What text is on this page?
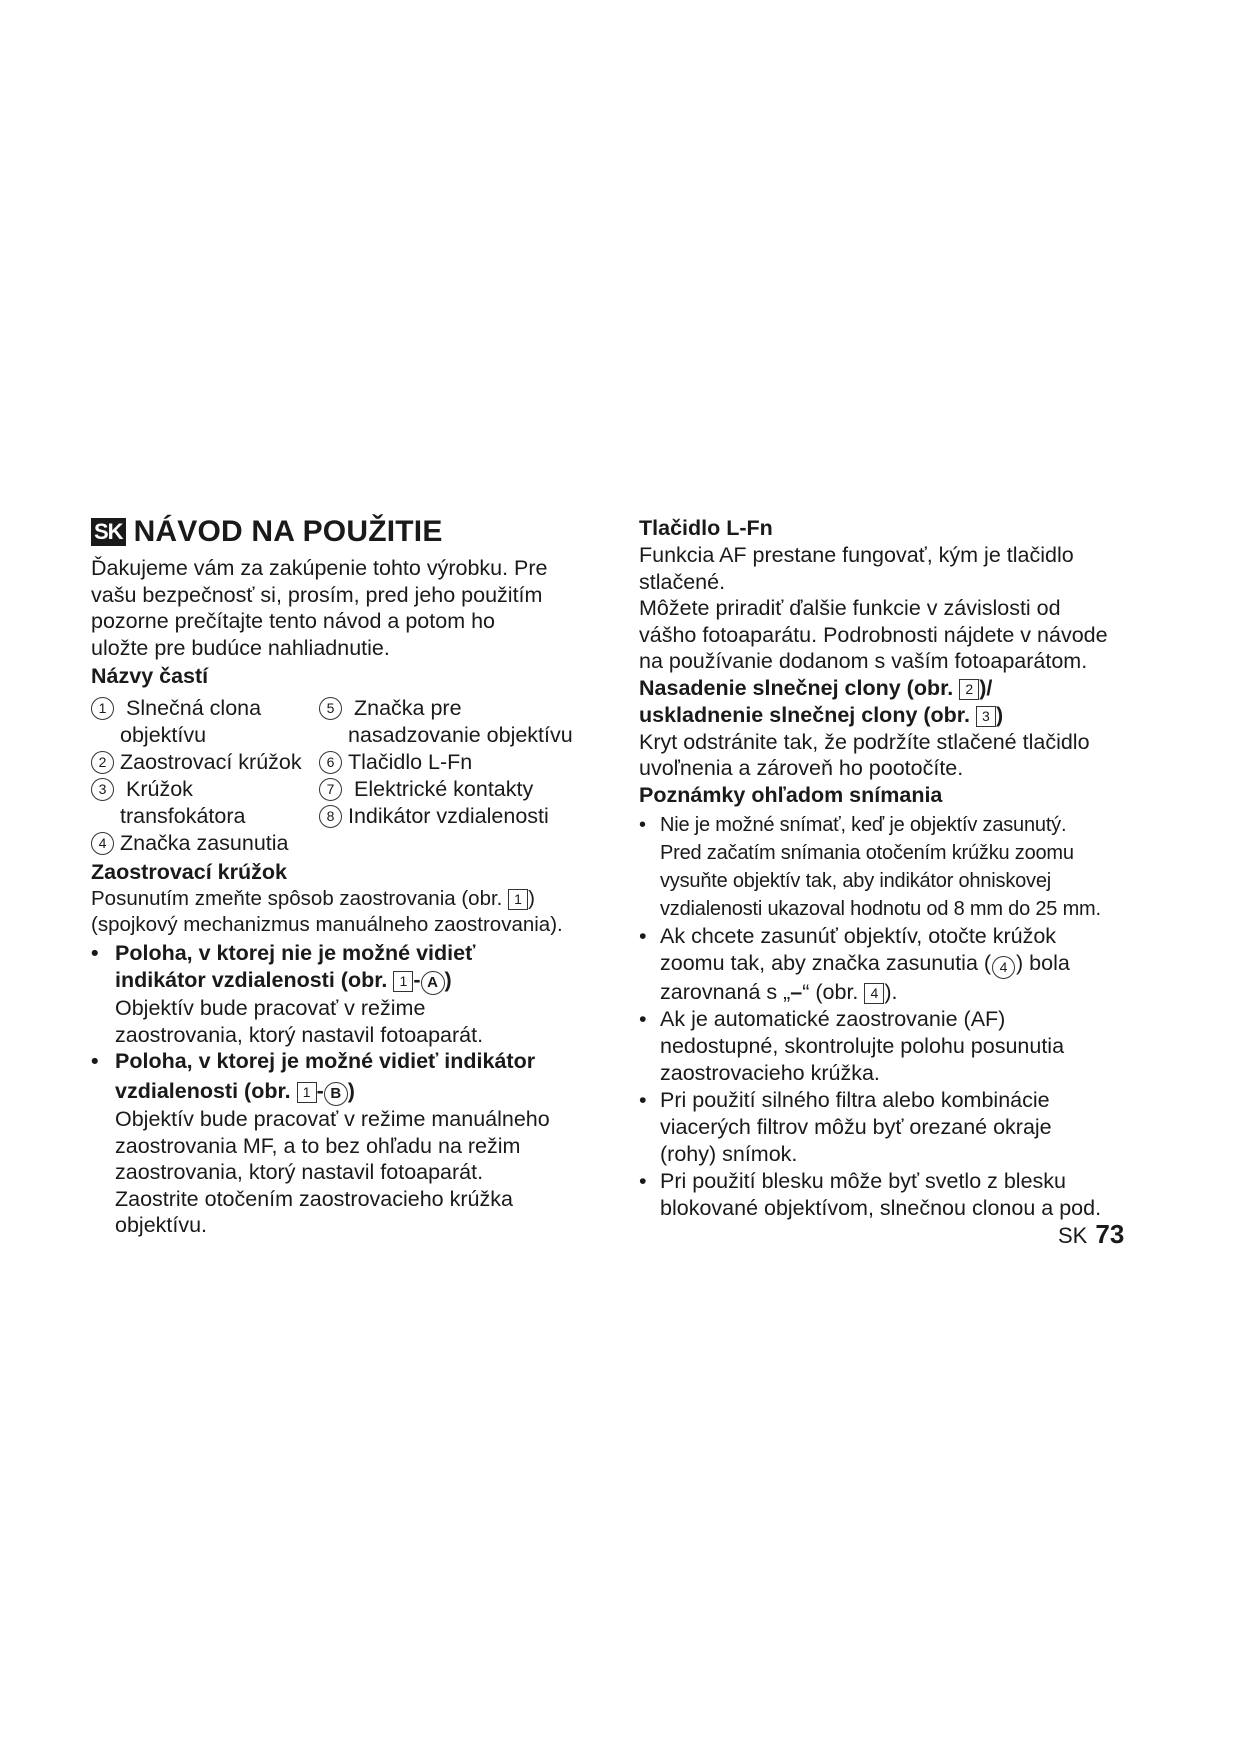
SK NÁVOD NA POUŽITIE

Ďakujeme vám za zakúpenie tohto výrobku. Pre

vašu bezpečnosť si, prosím, pred jeho použitím

pozorne prečítajte tento návod a potom ho

uložte pre budúce nahliadnutie.

Názvy častí

1 Slnečná clona
objektívu
5 Značka pre
nasadzovanie objektívu
2 Zaostrovací krúžok	6 Tlačidlo L-Fn
3 Krúžok
transfokátora
7 Elektrické kontakty
8 Indikátor vzdialenosti
4 Značka zasunutia

Zaostrovací krúžok

Posunutím zmeňte spôsob zaostrovania (obr. 1 )

(spojkový mechanizmus manuálneho zaostrovania).

• Poloha, v ktorej nie je možné vidieť
indikátor vzdialenosti (obr. 1 - A )
Objektív bude pracovať v režime
zaostrovania, ktorý nastavil fotoaparát.
• Poloha, v ktorej je možné vidieť indikátor
vzdialenosti (obr. 1 - B )
Objektív bude pracovať v režime manuálneho
zaostrovania MF, a to bez ohľadu na režim
zaostrovania, ktorý nastavil fotoaparát.
Zaostrite otočením zaostrovacieho krúžka
objektívu.

Tlačidlo L-Fn

Funkcia AF prestane fungovať, kým je tlačidlo

stlačené.

Môžete priradiť ďalšie funkcie v závislosti od

vášho fotoaparátu. Podrobnosti nájdete v návode

na používanie dodanom s vaším fotoaparátom.

Nasadenie slnečnej clony (obr. 2 )/

uskladnenie slnečnej clony (obr. 3 )

Kryt odstránite tak, že podržíte stlačené tlačidlo

uvoľnenia a zároveň ho pootočíte.

Poznámky ohľadom snímania

• Nie je možné snímať, keď je objektív zasunutý.
Pred začatím snímania otočením krúžku zoomu
vysuňte objektív tak, aby indikátor ohniskovej
vzdialenosti ukazoval hodnotu od 8 mm do 25 mm.
• Ak chcete zasunúť objektív, otočte krúžok
zoomu tak, aby značka zasunutia ( 4 ) bola
zarovnaná s „–“ (obr. 4 ).
• Ak je automatické zaostrovanie (AF)
nedostupné, skontrolujte polohu posunutia
zaostrovacieho krúžka.
• Pri použití silného filtra alebo kombinácie
viacerých filtrov môžu byť orezané okraje
(rohy) snímok.
• Pri použití blesku môže byť svetlo z blesku
blokované objektívom, slnečnou clonou a pod.
SK 73
